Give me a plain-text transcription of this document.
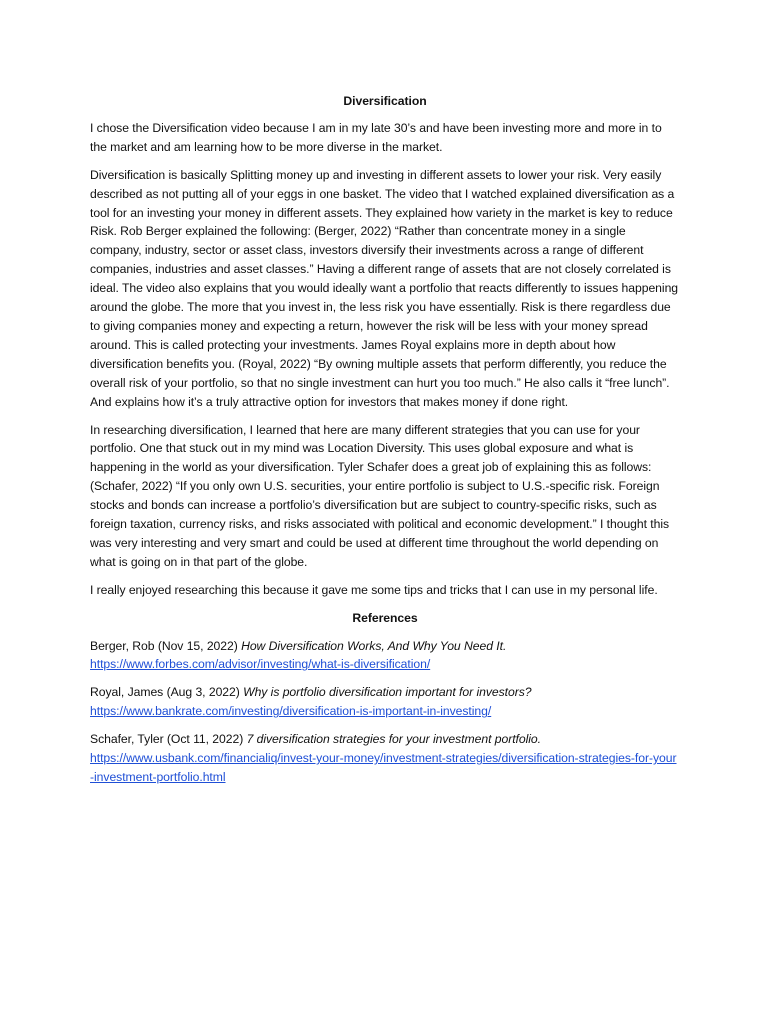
Diversification

I chose the Diversification video because I am in my late 30’s and have been investing more and more in to the market and am learning how to be more diverse in the market.

Diversification is basically Splitting money up and investing in different assets to lower your risk. Very easily described as not putting all of your eggs in one basket. The video that I watched explained diversification as a tool for an investing your money in different assets. They explained how variety in the market is key to reduce Risk. Rob Berger explained the following: (Berger, 2022) “Rather than concentrate money in a single company, industry, sector or asset class, investors diversify their investments across a range of different companies, industries and asset classes.” Having a different range of assets that are not closely correlated is ideal. The video also explains that you would ideally want a portfolio that reacts differently to issues happening around the globe. The more that you invest in, the less risk you have essentially. Risk is there regardless due to giving companies money and expecting a return, however the risk will be less with your money spread around. This is called protecting your investments. James Royal explains more in depth about how diversification benefits you. (Royal, 2022) “By owning multiple assets that perform differently, you reduce the overall risk of your portfolio, so that no single investment can hurt you too much.” He also calls it “free lunch”. And explains how it’s a truly attractive option for investors that makes money if done right.

In researching diversification, I learned that here are many different strategies that you can use for your portfolio. One that stuck out in my mind was Location Diversity. This uses global exposure and what is happening in the world as your diversification. Tyler Schafer does a great job of explaining this as follows: (Schafer, 2022) “If you only own U.S. securities, your entire portfolio is subject to U.S.-specific risk. Foreign stocks and bonds can increase a portfolio’s diversification but are subject to country-specific risks, such as foreign taxation, currency risks, and risks associated with political and economic development.” I thought this was very interesting and very smart and could be used at different time throughout the world depending on what is going on in that part of the globe.

I really enjoyed researching this because it gave me some tips and tricks that I can use in my personal life.

References
Berger, Rob (Nov 15, 2022) How Diversification Works, And Why You Need It.
https://www.forbes.com/advisor/investing/what-is-diversification/
Royal, James (Aug 3, 2022) Why is portfolio diversification important for investors?
https://www.bankrate.com/investing/diversification-is-important-in-investing/
Schafer, Tyler (Oct 11, 2022) 7 diversification strategies for your investment portfolio.
https://www.usbank.com/financialiq/invest-your-money/investment-strategies/diversification-strategies-for-your-investment-portfolio.html
